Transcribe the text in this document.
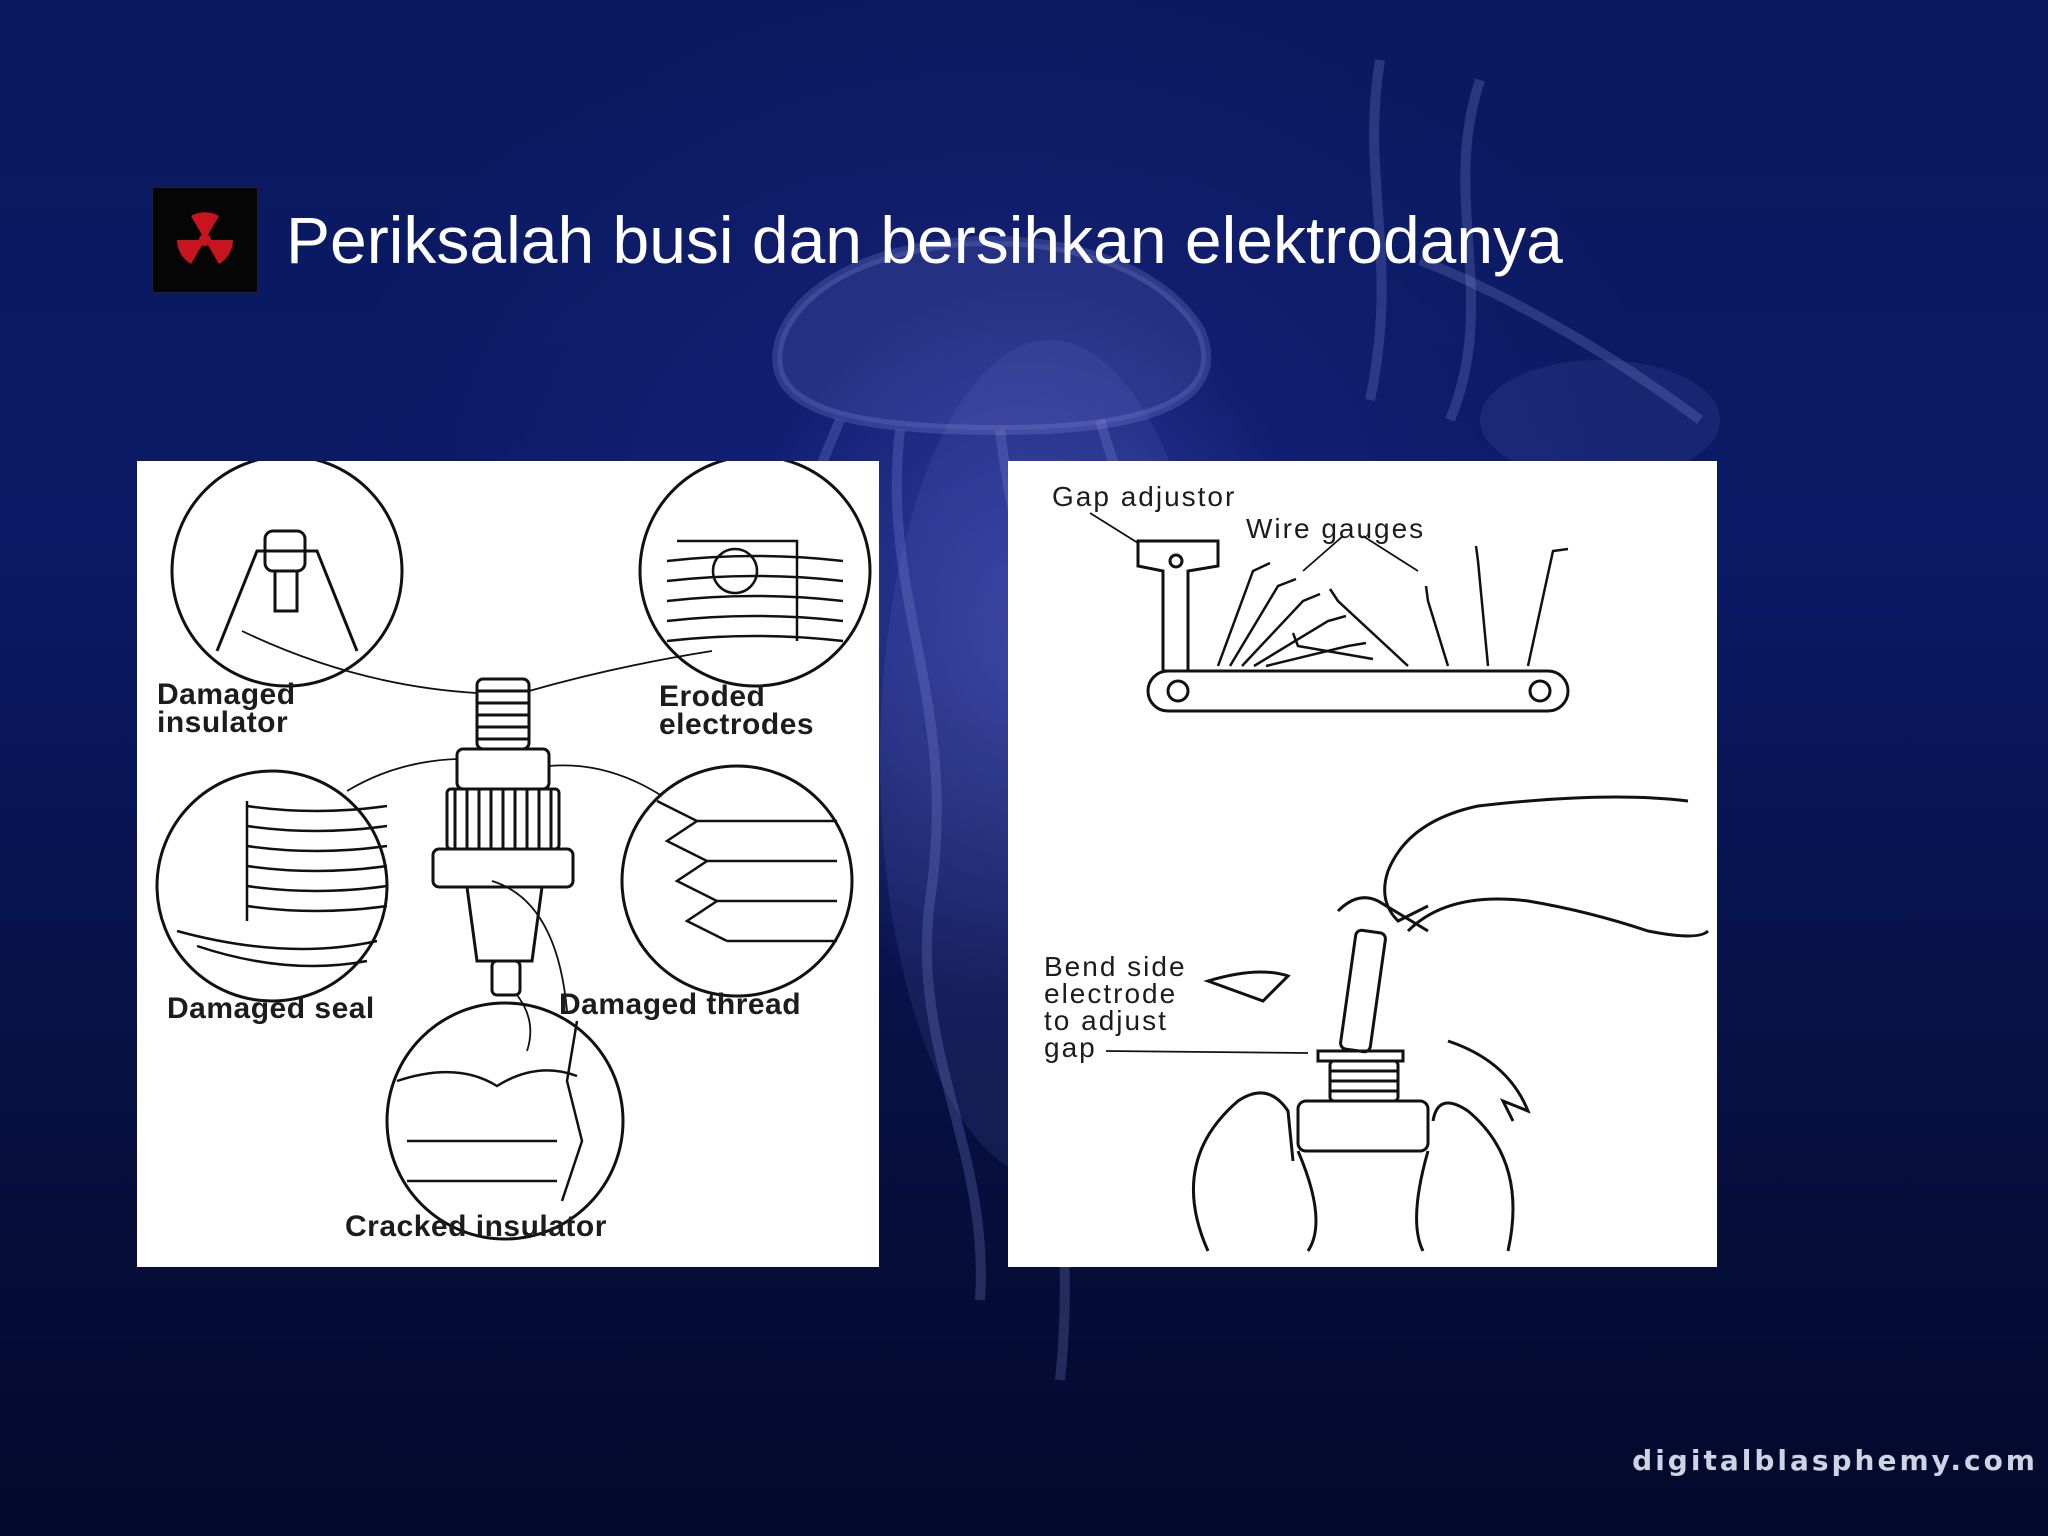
Periksalah busi dan bersihkan elektrodanya
Damaged
insulator
Eroded
electrodes
Damaged seal	Damaged thread
Cracked insulator
Gap adjustor
Wire gauges
Bend side
electrode
to adjust
gap
digitalblasphemy.com
